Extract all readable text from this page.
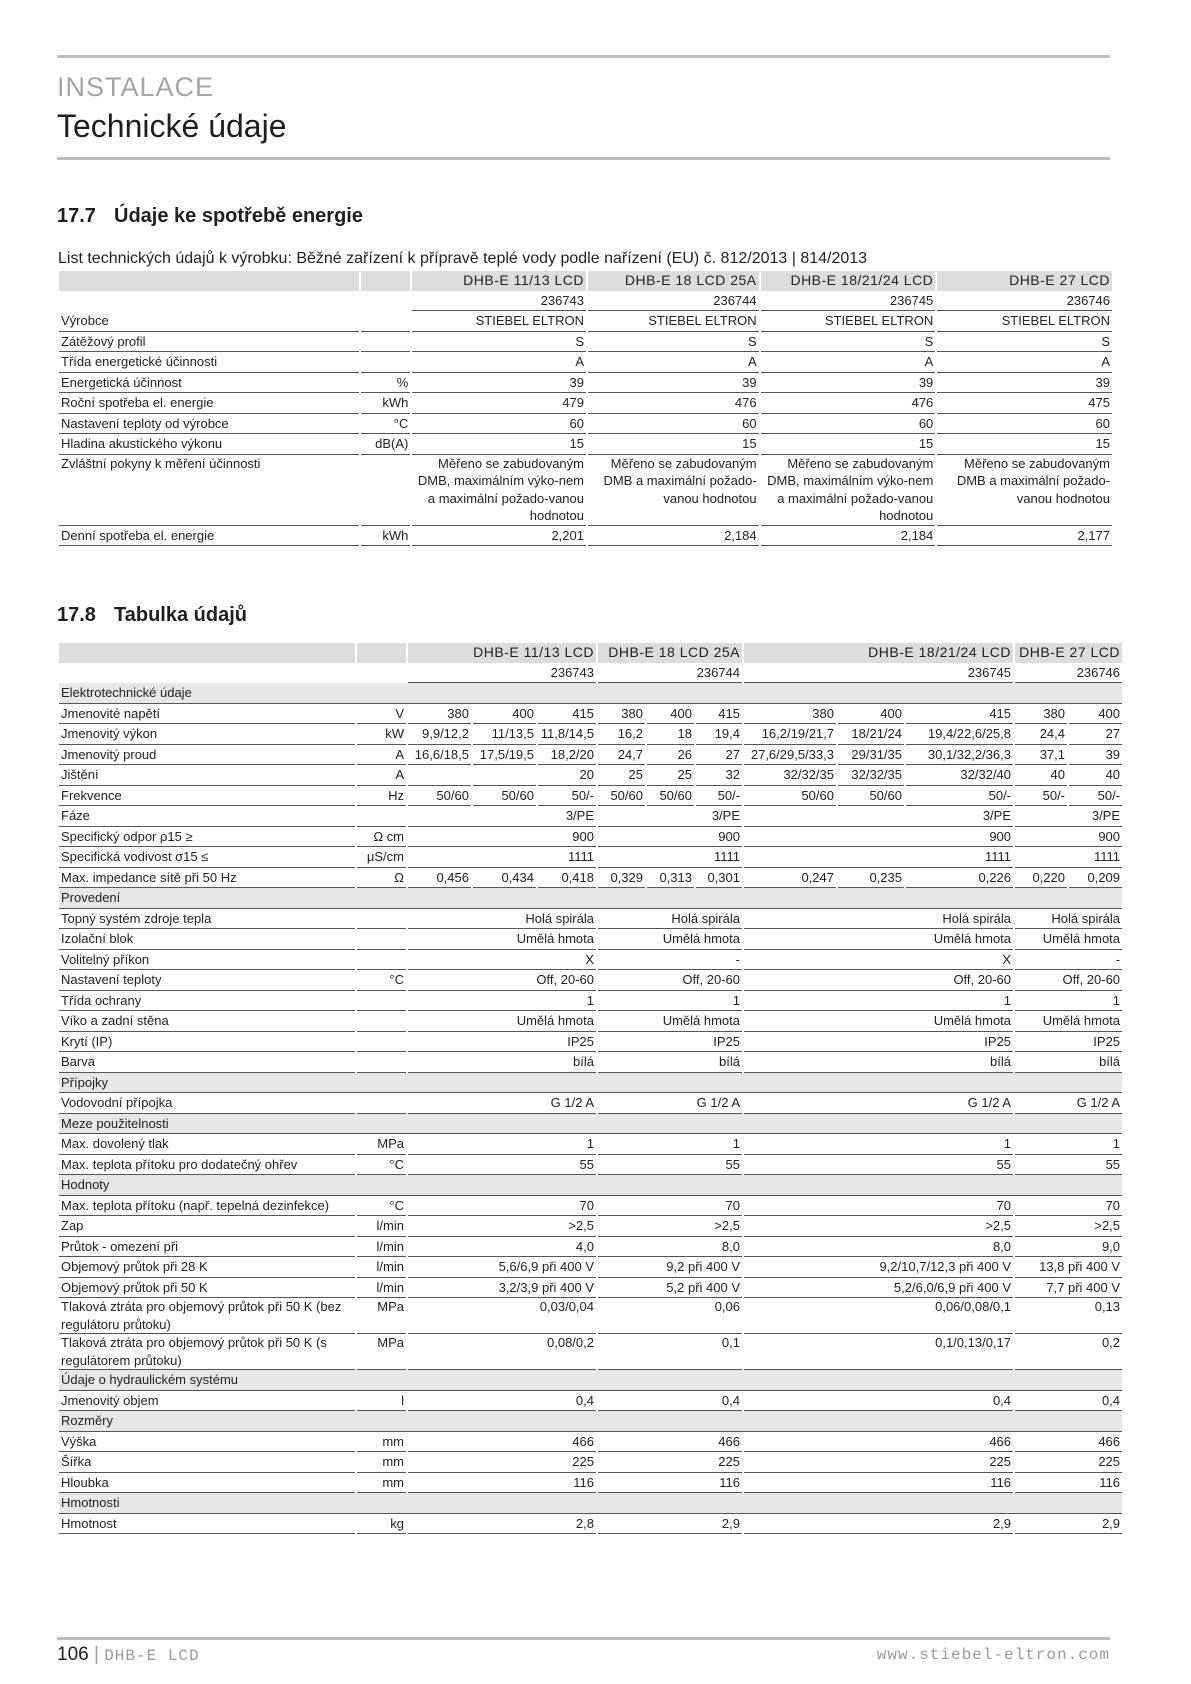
INSTALACE
Technické údaje
17.7 Údaje ke spotřebě energie
List technických údajů k výrobku: Běžné zařízení k přípravě teplé vody podle nařízení (EU) č. 812/2013 | 814/2013
		DHB-E 11/13 LCD	DHB-E 18 LCD 25A	DHB-E 18/21/24 LCD	DHB-E 27 LCD
		236743	236744	236745	236746
Výrobce		STIEBEL ELTRON	STIEBEL ELTRON	STIEBEL ELTRON	STIEBEL ELTRON
Zátěžový profil		S	S	S	S
Třída energetické účinnosti		A	A	A	A
Energetická účinnost	%	39	39	39	39
Roční spotřeba el. energie	kWh	479	476	476	475
Nastavení teploty od výrobce	°C	60	60	60	60
Hladina akustického výkonu	dB(A)	15	15	15	15
Zvláštní pokyny k měření účinnosti		Měřeno se zabudovaným DMB, maximálním výko-nem a maximální požado-vanou hodnotou	Měřeno se zabudovaným DMB a maximální požado-vanou hodnotou	Měřeno se zabudovaným DMB, maximálním výko-nem a maximální požado-vanou hodnotou	Měřeno se zabudovaným DMB a maximální požado-vanou hodnotou
Denní spotřeba el. energie	kWh	2,201	2,184	2,184	2,177
17.8 Tabulka údajů
		DHB-E 11/13 LCD			DHB-E 18 LCD 25A			DHB-E 18/21/24 LCD			DHB-E 27 LCD	
		236743			236744			236745			236746	
Elektrotechnické údaje												
Jmenovité napětí	V	380	400	415	380	400	415	380	400	415	380	400
Jmenovitý výkon	kW	9,9/12,2	11/13,5	11,8/14,5	16,2	18	19,4	16,2/19/21,7	18/21/24	19,4/22,6/25,8	24,4	27
Jmenovitý proud	A	16,6/18,5	17,5/19,5	18,2/20	24,7	26	27	27,6/29,5/33,3	29/31/35	30,1/32,2/36,3	37,1	39
Jištění	A			20	25	25	32	32/32/35	32/32/35	32/32/40	40	40
Frekvence	Hz	50/60	50/60	50/-	50/60	50/60	50/-	50/60	50/60	50/-	50/-	50/-
Fáze		3/PE			3/PE			3/PE			3/PE	
Specifický odpor ρ15 ≥	Ω cm	900			900			900			900	
Specifická vodivost σ15 ≤	μS/cm	1111			1111			1111			1111	
Max. impedance sítě při 50 Hz	Ω	0,456	0,434	0,418	0,329	0,313	0,301	0,247	0,235	0,226	0,220	0,209
Provedení												
Topný systém zdroje tepla		Holá spirála			Holá spirála			Holá spirála			Holá spirála	
Izolační blok		Umělá hmota			Umělá hmota			Umělá hmota			Umělá hmota	
Volitelný příkon		X			-			X			-	
Nastavení teploty	°C	Off, 20-60			Off, 20-60			Off, 20-60			Off, 20-60	
Třída ochrany		1			1			1			1	
Víko a zadní stěna		Umělá hmota			Umělá hmota			Umělá hmota			Umělá hmota	
Krytí (IP)		IP25			IP25			IP25			IP25	
Barva		bílá			bílá			bílá			bílá	
Přípojky												
Vodovodní přípojka		G 1/2 A			G 1/2 A			G 1/2 A			G 1/2 A	
Meze použitelnosti												
Max. dovolený tlak	MPa	1			1			1			1	
Max. teplota přítoku pro dodatečný ohřev	°C	55			55			55			55	
Hodnoty												
Max. teplota přítoku (např. tepelná dezinfekce)	°C	70			70			70			70	
Zap	l/min	>2,5			>2,5			>2,5			>2,5	
Průtok - omezení při	l/min	4,0			8,0			8,0			9,0	
Objemový průtok při 28 K	l/min	5,6/6,9 při 400 V			9,2 při 400 V			9,2/10,7/12,3 při 400 V			13,8 při 400 V	
Objemový průtok při 50 K	l/min	3,2/3,9 při 400 V			5,2 při 400 V			5,2/6,0/6,9 při 400 V			7,7 při 400 V	
Tlaková ztráta pro objemový průtok při 50 K (bez regulátoru průtoku)	MPa	0,03/0,04			0,06			0,06/0,08/0,1			0,13	
Tlaková ztráta pro objemový průtok při 50 K (s regulátorem průtoku)	MPa	0,08/0,2			0,1			0,1/0,13/0,17			0,2	
Údaje o hydraulickém systému												
Jmenovitý objem	l	0,4			0,4			0,4			0,4	
Rozměry												
Výška	mm	466			466			466			466	
Šířka	mm	225			225			225			225	
Hloubka	mm	116			116			116			116	
Hmotnosti												
Hmotnost	kg	2,8			2,9			2,9			2,9	
106 | DHB-E LCD	www.stiebel-eltron.com
